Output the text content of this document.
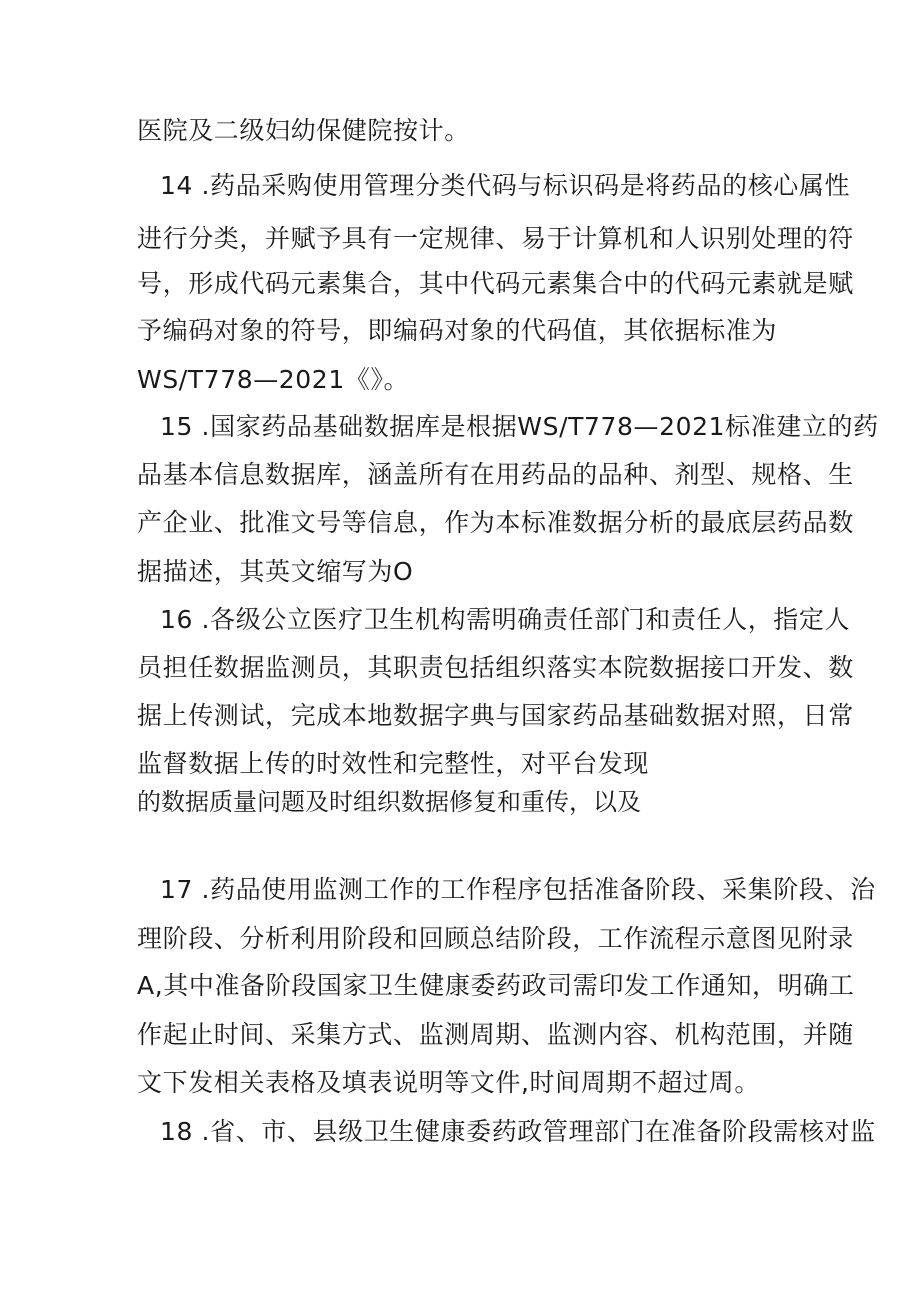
医院及二级妇幼保健院按计。

14 .药品采购使用管理分类代码与标识码是将药品的核心属性

进行分类，并赋予具有一定规律、易于计算机和人识别处理的符

号，形成代码元素集合，其中代码元素集合中的代码元素就是赋

予编码对象的符号，即编码对象的代码值，其依据标准为

WS/T778—2021《》。

15 .国家药品基础数据库是根据WS/T778—2021标准建立的药

品基本信息数据库，涵盖所有在用药品的品种、剂型、规格、生

产企业、批准文号等信息，作为本标准数据分析的最底层药品数

据描述，其英文缩写为O

16 .各级公立医疗卫生机构需明确责任部门和责任人，指定人

员担任数据监测员，其职责包括组织落实本院数据接口开发、数

据上传测试，完成本地数据字典与国家药品基础数据对照，日常

监督数据上传的时效性和完整性，对平台发现

的数据质量问题及时组织数据修复和重传，以及

17 .药品使用监测工作的工作程序包括准备阶段、采集阶段、治

理阶段、分析利用阶段和回顾总结阶段，工作流程示意图见附录

A,其中准备阶段国家卫生健康委药政司需印发工作通知，明确工

作起止时间、采集方式、监测周期、监测内容、机构范围，并随

文下发相关表格及填表说明等文件,时间周期不超过周。

18 .省、市、县级卫生健康委药政管理部门在准备阶段需核对监
